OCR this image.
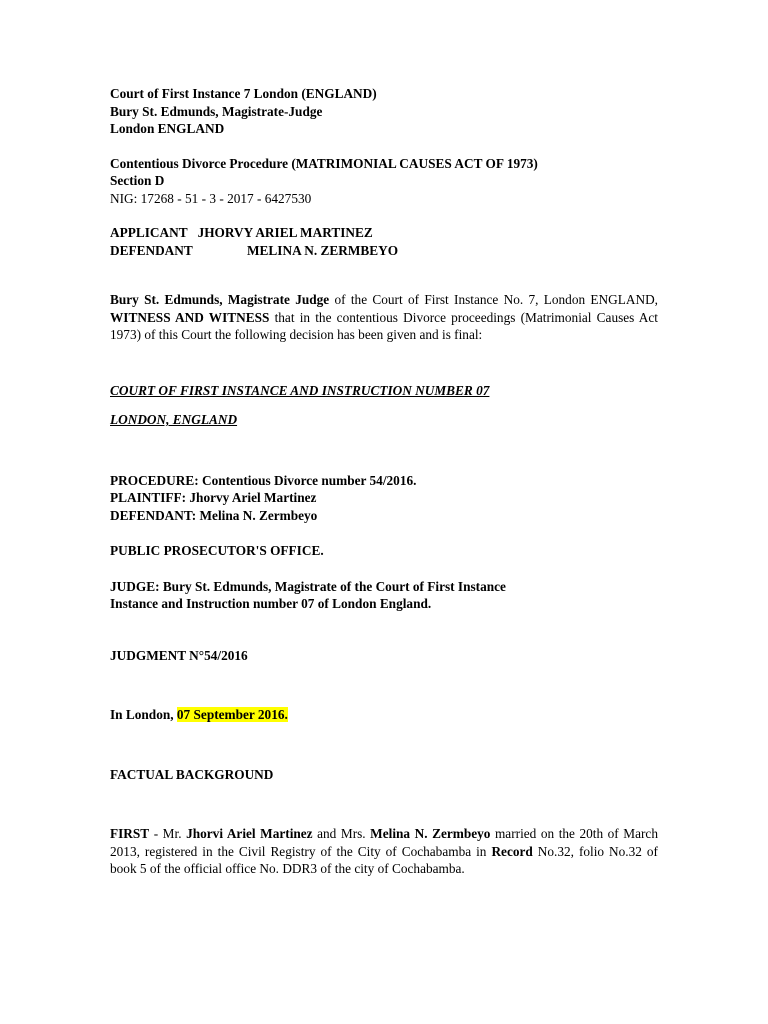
Court of First Instance 7 London (ENGLAND)
Bury St. Edmunds, Magistrate-Judge
London ENGLAND
Contentious Divorce Procedure (MATRIMONIAL CAUSES ACT OF 1973)
Section D
NIG: 17268 - 51 - 3 - 2017 - 6427530
APPLICANT JHORVY ARIEL MARTINEZ
DEFENDANT	MELINA N. ZERMBEYO

Bury St. Edmunds, Magistrate Judge of the Court of First Instance No. 7, London ENGLAND, WITNESS AND WITNESS that in the contentious Divorce proceedings (Matrimonial Causes Act 1973) of this Court the following decision has been given and is final:

COURT OF FIRST INSTANCE AND INSTRUCTION NUMBER 07
LONDON, ENGLAND
PROCEDURE: Contentious Divorce number 54/2016.
PLAINTIFF: Jhorvy Ariel Martinez
DEFENDANT: Melina N. Zermbeyo
PUBLIC PROSECUTOR'S OFFICE.
JUDGE: Bury St. Edmunds, Magistrate of the Court of First Instance
Instance and Instruction number 07 of London England.
JUDGMENT N°54/2016
In London, 07 September 2016.
FACTUAL BACKGROUND

FIRST - Mr. Jhorvi Ariel Martinez and Mrs. Melina N. Zermbeyo married on the 20th of March 2013, registered in the Civil Registry of the City of Cochabamba in Record No.32, folio No.32 of book 5 of the official office No. DDR3 of the city of Cochabamba.
